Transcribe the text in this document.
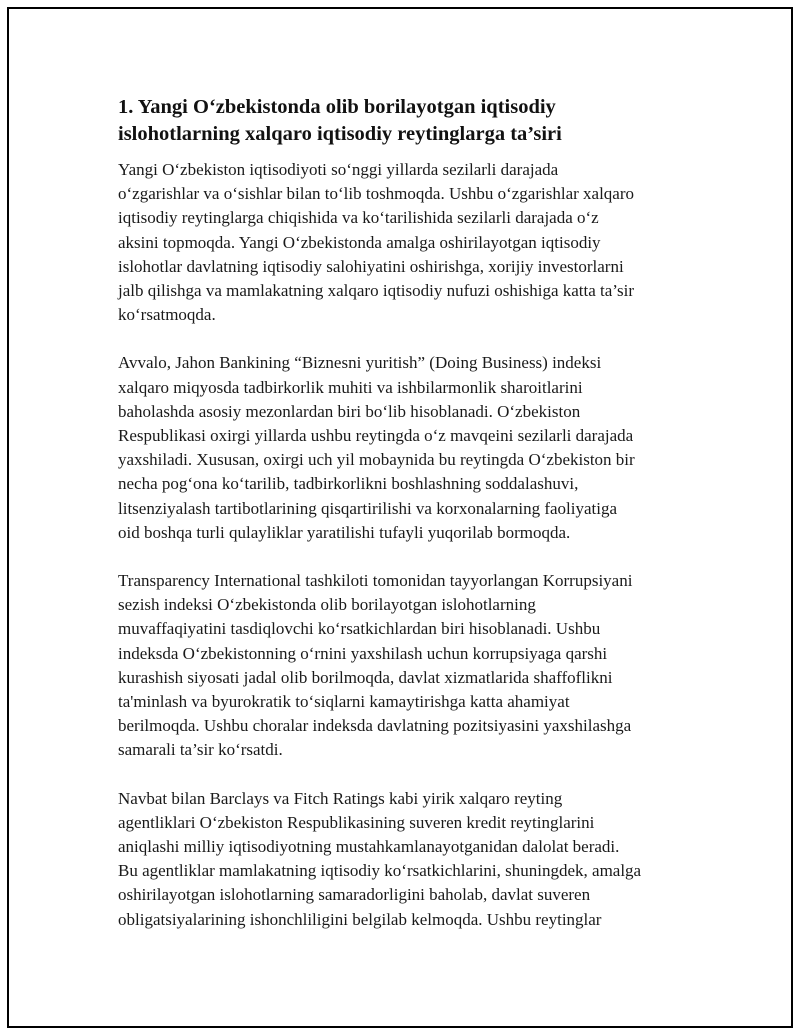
1. Yangi O‘zbekistonda olib borilayotgan iqtisodiy
islohotlarning xalqaro iqtisodiy reytinglarga ta’siri

Yangi O‘zbekiston iqtisodiyoti so‘nggi yillarda sezilarli darajada
o‘zgarishlar va o‘sishlar bilan to‘lib toshmoqda. Ushbu o‘zgarishlar xalqaro
iqtisodiy reytinglarga chiqishida va ko‘tarilishida sezilarli darajada o‘z
aksini topmoqda. Yangi O‘zbekistonda amalga oshirilayotgan iqtisodiy
islohotlar davlatning iqtisodiy salohiyatini oshirishga, xorijiy investorlarni
jalb qilishga va mamlakatning xalqaro iqtisodiy nufuzi oshishiga katta ta’sir
ko‘rsatmoqda.

Avvalo, Jahon Bankining “Biznesni yuritish” (Doing Business) indeksi
xalqaro miqyosda tadbirkorlik muhiti va ishbilarmonlik sharoitlarini
baholashda asosiy mezonlardan biri bo‘lib hisoblanadi. O‘zbekiston
Respublikasi oxirgi yillarda ushbu reytingda o‘z mavqeini sezilarli darajada
yaxshiladi. Xususan, oxirgi uch yil mobaynida bu reytingda O‘zbekiston bir
necha pog‘ona ko‘tarilib, tadbirkorlikni boshlashning soddalashuvi,
litsenziyalash tartibotlarining qisqartirilishi va korxonalarning faoliyatiga
oid boshqa turli qulayliklar yaratilishi tufayli yuqorilab bormoqda.

Transparency International tashkiloti tomonidan tayyorlangan Korrupsiyani
sezish indeksi O‘zbekistonda olib borilayotgan islohotlarning
muvaffaqiyatini tasdiqlovchi ko‘rsatkichlardan biri hisoblanadi. Ushbu
indeksda O‘zbekistonning o‘rnini yaxshilash uchun korrupsiyaga qarshi
kurashish siyosati jadal olib borilmoqda, davlat xizmatlarida shaffoflikni
ta'minlash va byurokratik to‘siqlarni kamaytirishga katta ahamiyat
berilmoqda. Ushbu choralar indeksda davlatning pozitsiyasini yaxshilashga
samarali ta’sir ko‘rsatdi.

Navbat bilan Barclays va Fitch Ratings kabi yirik xalqaro reyting
agentliklari O‘zbekiston Respublikasining suveren kredit reytinglarini
aniqlashi milliy iqtisodiyotning mustahkamlanayotganidan dalolat beradi.
Bu agentliklar mamlakatning iqtisodiy ko‘rsatkichlarini, shuningdek, amalga
oshirilayotgan islohotlarning samaradorligini baholab, davlat suveren
obligatsiyalarining ishonchliligini belgilab kelmoqda. Ushbu reytinglar
